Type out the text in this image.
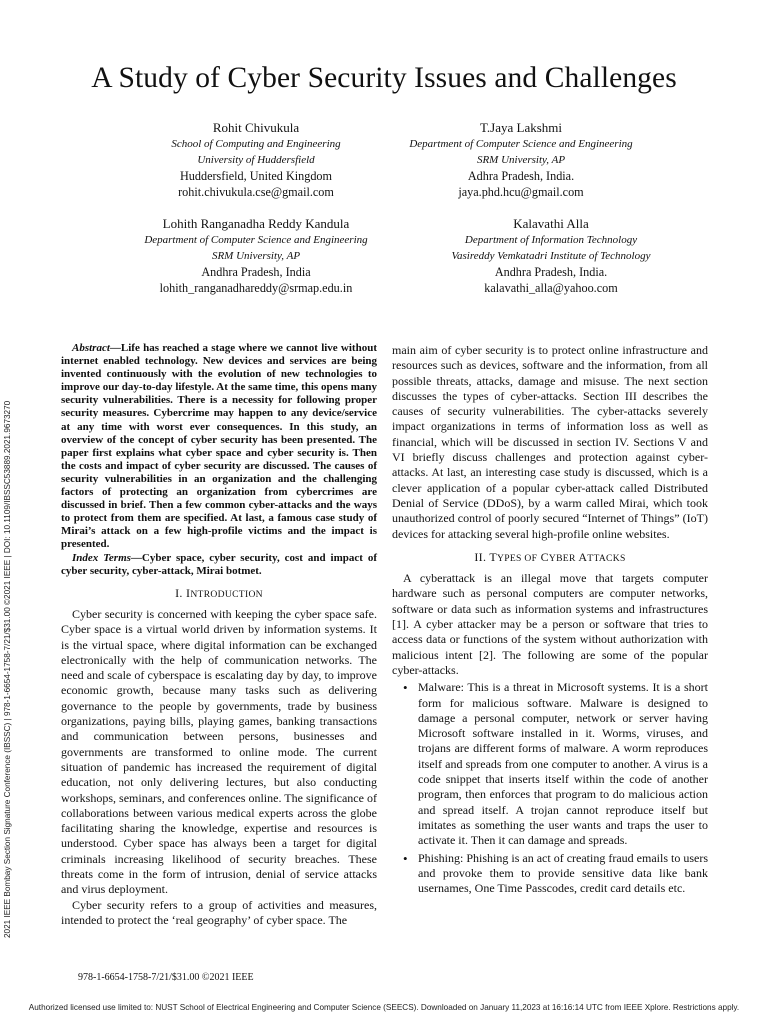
2021 IEEE Bombay Section Signature Conference (IBSSC) | 978-1-6654-1758-7/21/$31.00 ©2021 IEEE | DOI: 10.1109/IBSSC53889.2021.9673270
A Study of Cyber Security Issues and Challenges
Rohit Chivukula
School of Computing and Engineering
University of Huddersfield
Huddersfield, United Kingdom
rohit.chivukula.cse@gmail.com
T.Jaya Lakshmi
Department of Computer Science and Engineering
SRM University, AP
Adhra Pradesh, India.
jaya.phd.hcu@gmail.com
Lohith Ranganadha Reddy Kandula
Department of Computer Science and Engineering
SRM University, AP
Andhra Pradesh, India
lohith_ranganadhareddy@srmap.edu.in
Kalavathi Alla
Department of Information Technology
Vasireddy Vemkatadri Institute of Technology
Andhra Pradesh, India.
kalavathi_alla@yahoo.com

Abstract—Life has reached a stage where we cannot live without internet enabled technology. New devices and services are being invented continuously with the evolution of new technologies to improve our day-to-day lifestyle. At the same time, this opens many security vulnerabilities. There is a necessity for following proper security measures. Cybercrime may happen to any device/service at any time with worst ever consequences. In this study, an overview of the concept of cyber security has been presented. The paper first explains what cyber space and cyber security is. Then the costs and impact of cyber security are discussed. The causes of security vulnerabilities in an organization and the challenging factors of protecting an organization from cybercrimes are discussed in brief. Then a few common cyber-attacks and the ways to protect from them are specified. At last, a famous case study of Mirai’s attack on a few high-profile victims and the impact is presented.

Index Terms—Cyber space, cyber security, cost and impact of cyber security, cyber-attack, Mirai botmet.

I. INTRODUCTION

Cyber security is concerned with keeping the cyber space safe. Cyber space is a virtual world driven by information systems. It is the virtual space, where digital information can be exchanged electronically with the help of communication networks. The need and scale of cyberspace is escalating day by day, to improve economic growth, because many tasks such as delivering governance to the people by governments, trade by business organizations, paying bills, playing games, banking transactions and communication between persons, businesses and governments are transformed to online mode. The current situation of pandemic has increased the requirement of digital education, not only delivering lectures, but also conducting workshops, seminars, and conferences online. The significance of collaborations between various medical experts across the globe facilitating sharing the knowledge, expertise and resources is understood. Cyber space has always been a target for digital criminals increasing likelihood of security breaches. These threats come in the form of intrusion, denial of service attacks and virus deployment.

Cyber security refers to a group of activities and measures, intended to protect the ‘real geography’ of cyber space. The

main aim of cyber security is to protect online infrastructure and resources such as devices, software and the information, from all possible threats, attacks, damage and misuse. The next section discusses the types of cyber-attacks. Section III describes the causes of security vulnerabilities. The cyber-attacks severely impact organizations in terms of information loss as well as financial, which will be discussed in section IV. Sections V and VI briefly discuss challenges and protection against cyber-attacks. At last, an interesting case study is discussed, which is a clever application of a popular cyber-attack called Distributed Denial of Service (DDoS), by a warm called Mirai, which took unauthorized control of poorly secured “Internet of Things” (IoT) devices for attacking several high-profile online websites.

II. TYPES OF CYBER ATTACKS

A cyberattack is an illegal move that targets computer hardware such as personal computers are computer networks, software or data such as information systems and infrastructures [1]. A cyber attacker may be a person or software that tries to access data or functions of the system without authorization with malicious intent [2]. The following are some of the popular cyber-attacks.

• Malware: This is a threat in Microsoft systems. It is a short form for malicious software. Malware is designed to damage a personal computer, network or server having Microsoft software installed in it. Worms, viruses, and trojans are different forms of malware. A worm reproduces itself and spreads from one computer to another. A virus is a code snippet that inserts itself within the code of another program, then enforces that program to do malicious action and spread itself. A trojan cannot reproduce itself but imitates as something the user wants and traps the user to activate it. Then it can damage and spreads.
• Phishing: Phishing is an act of creating fraud emails to users and provoke them to provide sensitive data like bank usernames, One Time Passcodes, credit card details etc.
978-1-6654-1758-7/21/$31.00 ©2021 IEEE
Authorized licensed use limited to: NUST School of Electrical Engineering and Computer Science (SEECS). Downloaded on January 11,2023 at 16:16:14 UTC from IEEE Xplore. Restrictions apply.
